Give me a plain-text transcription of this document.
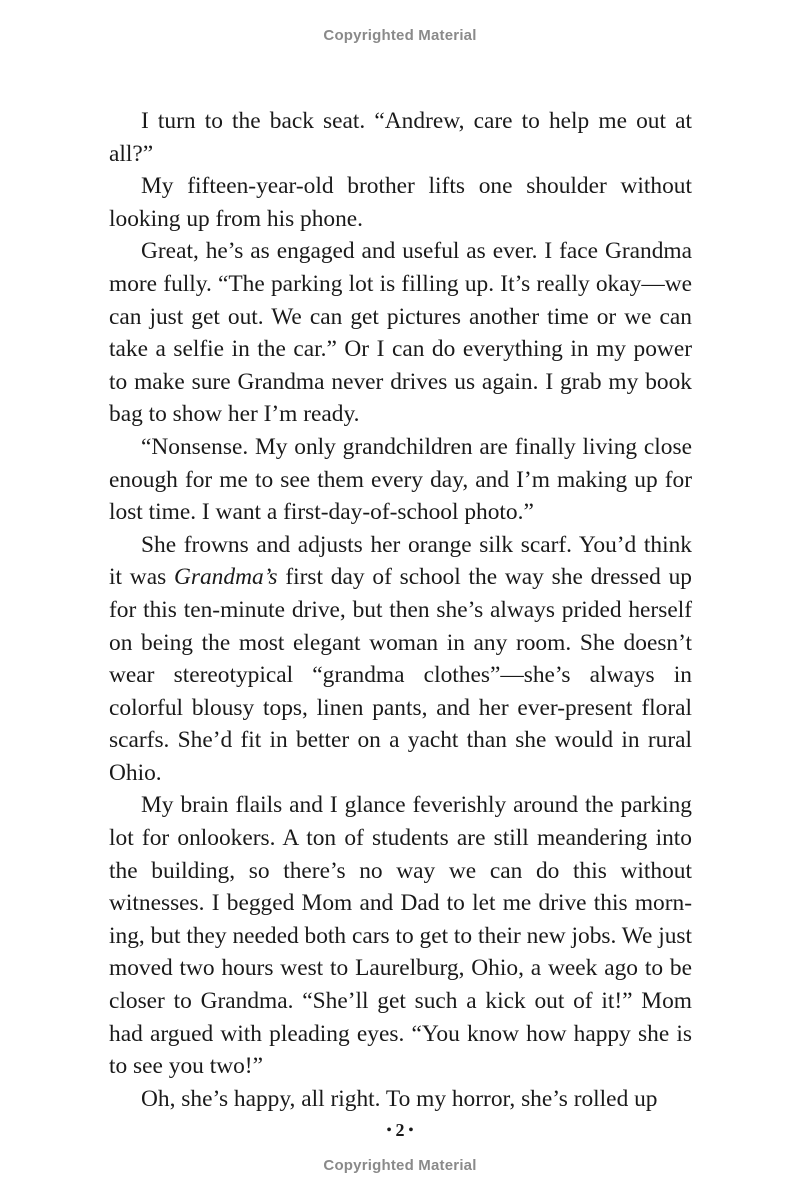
Copyrighted Material

I turn to the back seat. “Andrew, care to help me out at all?”

My fifteen-year-old brother lifts one shoulder without looking up from his phone.

Great, he’s as engaged and useful as ever. I face Grandma more fully. “The parking lot is filling up. It’s really okay—we can just get out. We can get pictures another time or we can take a selfie in the car.” Or I can do everything in my power to make sure Grandma never drives us again. I grab my book bag to show her I’m ready.

“Nonsense. My only grandchildren are finally living close enough for me to see them every day, and I’m making up for lost time. I want a first-day-of-school photo.”

She frowns and adjusts her orange silk scarf. You’d think it was Grandma’s first day of school the way she dressed up for this ten-minute drive, but then she’s always prided herself on being the most elegant woman in any room. She doesn’t wear stereotypical “grandma clothes”—she’s always in colorful blousy tops, linen pants, and her ever-present floral scarfs. She’d fit in better on a yacht than she would in rural Ohio.

My brain flails and I glance feverishly around the parking lot for onlookers. A ton of students are still meandering into the building, so there’s no way we can do this without witnesses. I begged Mom and Dad to let me drive this morning, but they needed both cars to get to their new jobs. We just moved two hours west to Laurelburg, Ohio, a week ago to be closer to Grandma. “She’ll get such a kick out of it!” Mom had argued with pleading eyes. “You know how happy she is to see you two!”

Oh, she’s happy, all right. To my horror, she’s rolled up

• 2 •
Copyrighted Material
